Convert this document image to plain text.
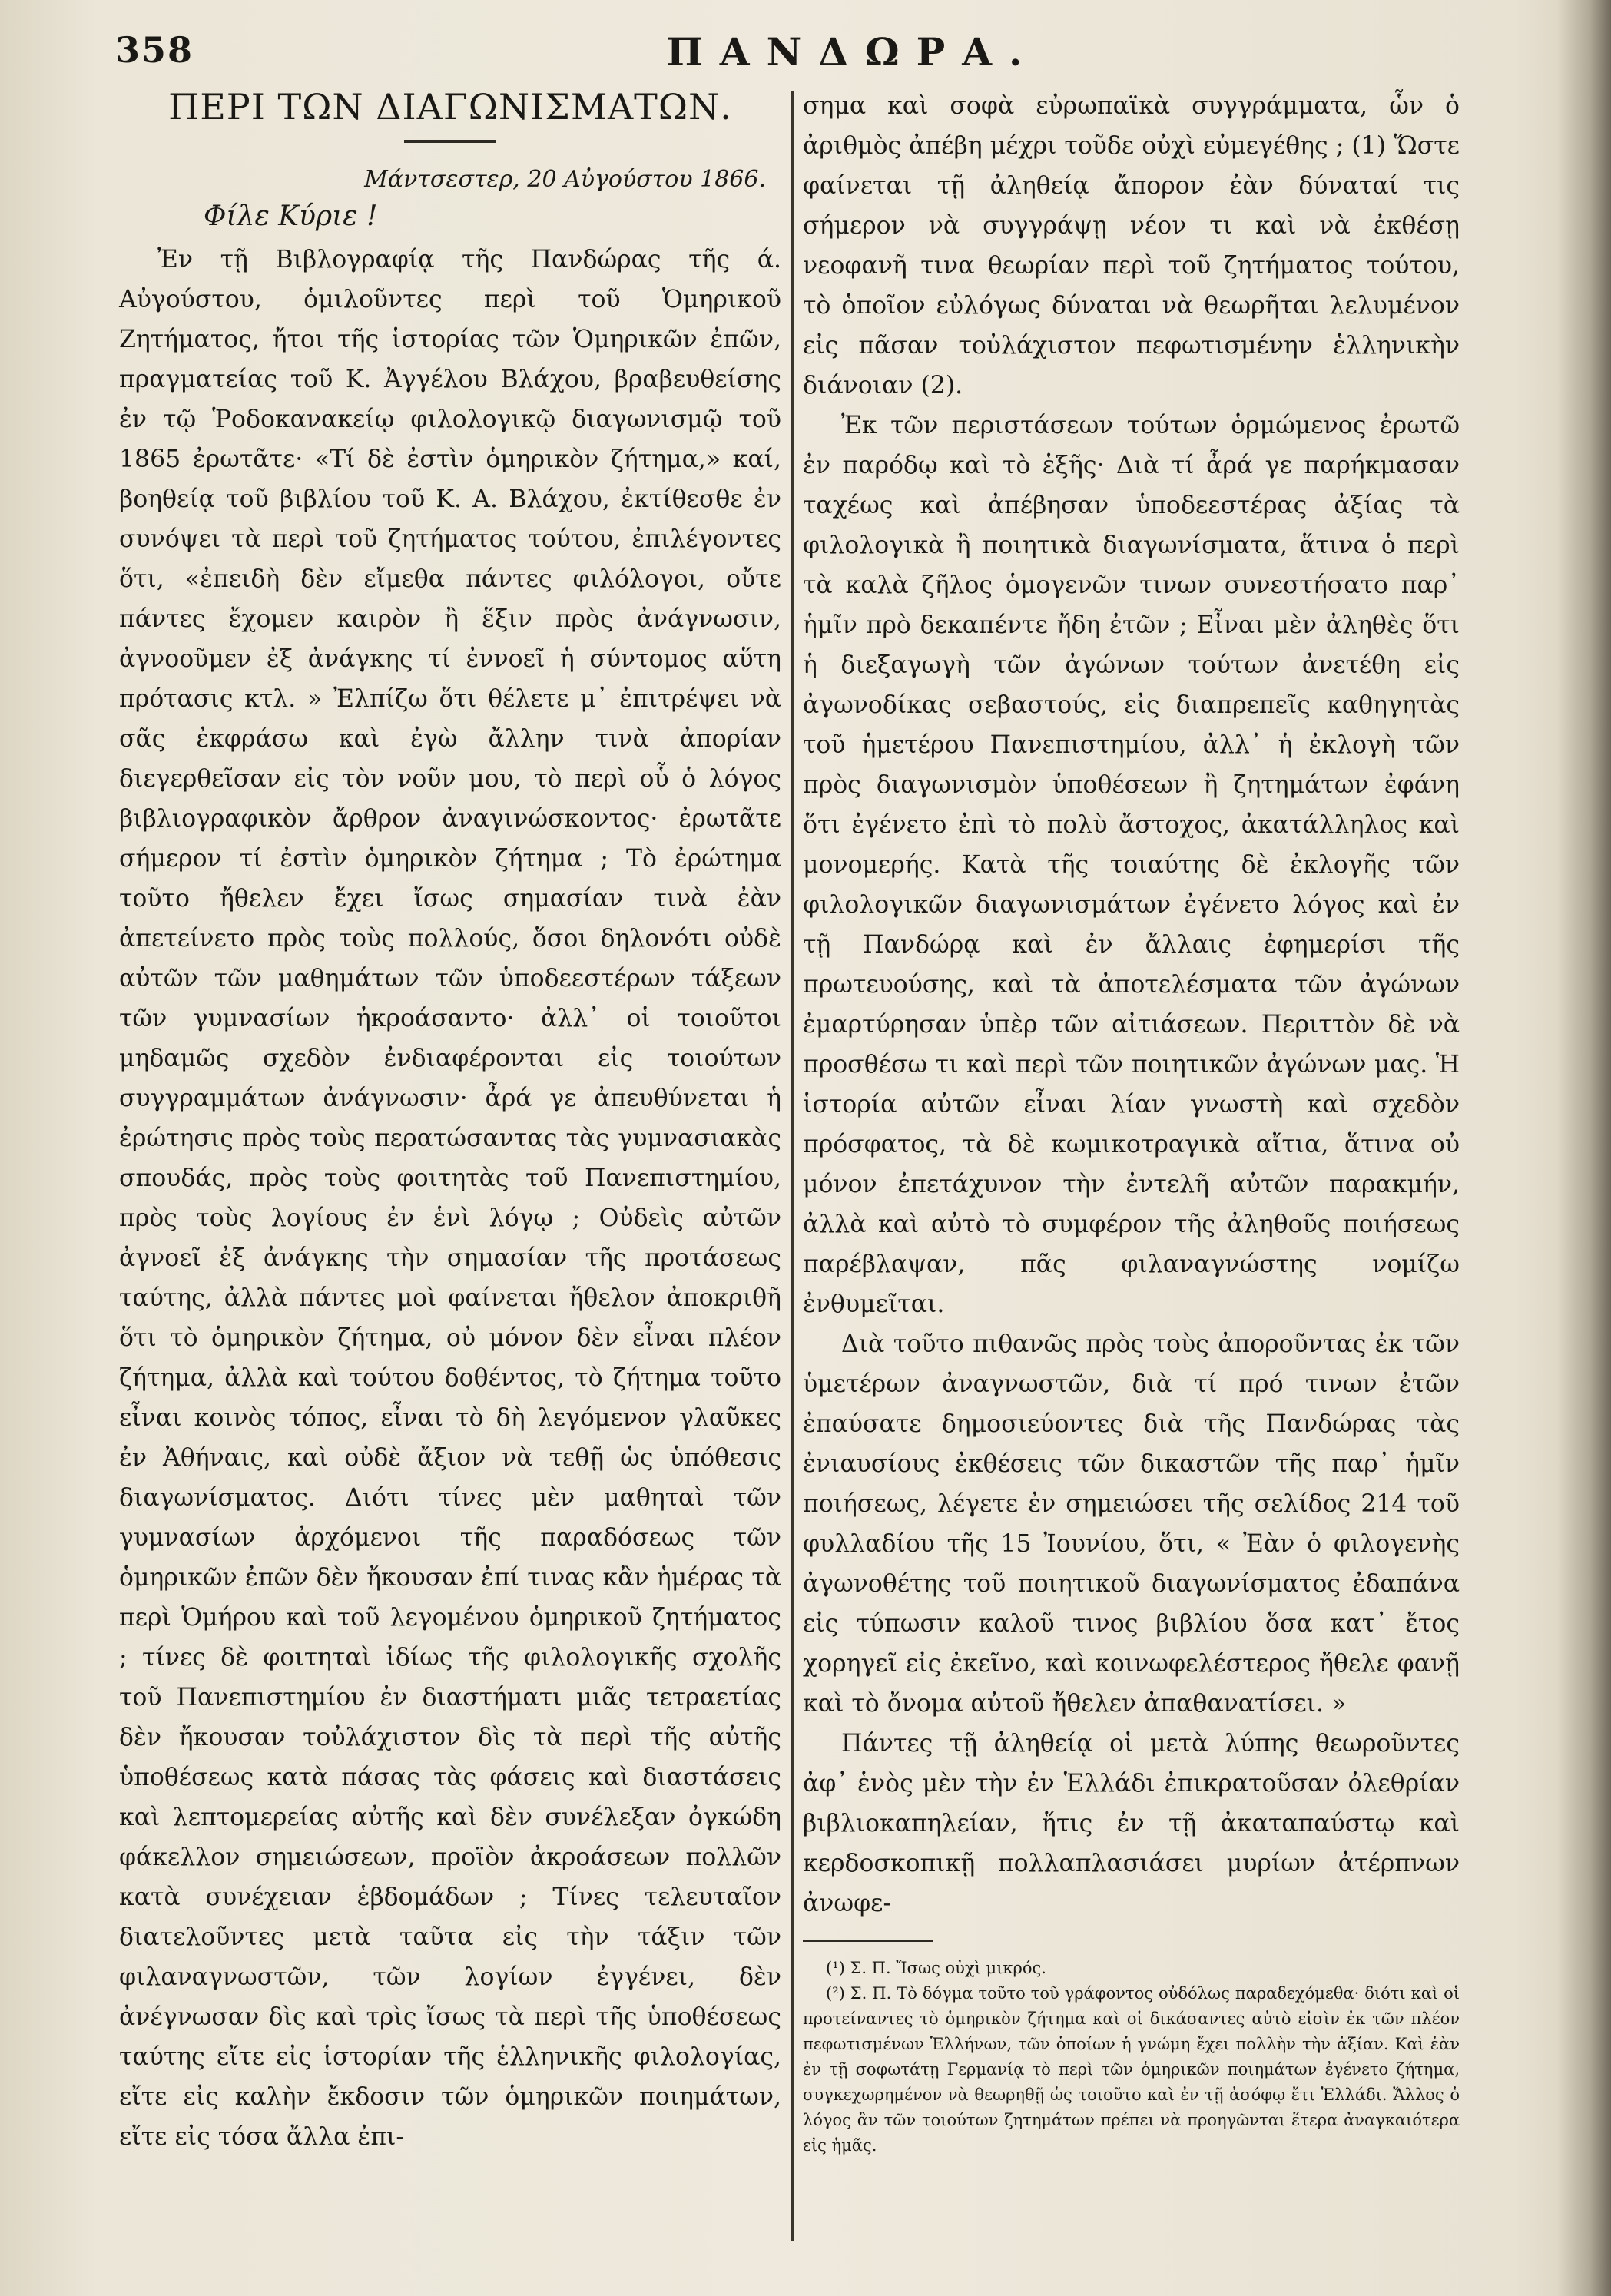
358	ΠΑΝΔΩΡΑ.
ΠΕΡΙ ΤΩΝ ΔΙΑΓΩΝΙΣΜΑΤΩΝ.
Μάντσεστερ, 20 Αὐγούστου 1866.
Φίλε Κύριε !

Ἐν τῇ Βιβλογραφίᾳ τῆς Πανδώρας τῆς ά. Αὐγούστου, ὁμιλοῦντες περὶ τοῦ Ὁμηρικοῦ Ζητήματος, ἤτοι τῆς ἱστορίας τῶν Ὁμηρικῶν ἐπῶν, πραγματείας τοῦ Κ. Ἀγγέλου Βλάχου, βραβευθείσης ἐν τῷ Ῥοδοκανακείῳ φιλολογικῷ διαγωνισμῷ τοῦ 1865 ἐρωτᾶτε· «Τί δὲ ἐστὶν ὁμηρικὸν ζήτημα,» καί, βοηθείᾳ τοῦ βιβλίου τοῦ Κ. Α. Βλάχου, ἐκτίθεσθε ἐν συνόψει τὰ περὶ τοῦ ζητήματος τούτου, ἐπιλέγοντες ὅτι, «ἐπειδὴ δὲν εἴμεθα πάντες φιλόλογοι, οὔτε πάντες ἔχομεν καιρὸν ἢ ἕξιν πρὸς ἀνάγνωσιν, ἀγνοοῦμεν ἐξ ἀνάγκης τί ἐννοεῖ ἡ σύντομος αὕτη πρότασις κτλ. » Ἐλπίζω ὅτι θέλετε μ᾽ ἐπιτρέψει νὰ σᾶς ἐκφράσω καὶ ἐγὼ ἄλλην τινὰ ἀπορίαν διεγερθεῖσαν εἰς τὸν νοῦν μου, τὸ περὶ οὗ ὁ λόγος βιβλιογραφικὸν ἄρθρον ἀναγινώσκοντος· ἐρωτᾶτε σήμερον τί ἐστὶν ὁμηρικὸν ζήτημα ; Τὸ ἐρώτημα τοῦτο ἤθελεν ἔχει ἴσως σημασίαν τινὰ ἐὰν ἀπετείνετο πρὸς τοὺς πολλούς, ὅσοι δηλονότι οὐδὲ αὐτῶν τῶν μαθημάτων τῶν ὑποδεεστέρων τάξεων τῶν γυμνασίων ἠκροάσαντο· ἀλλ᾽ οἱ τοιοῦτοι μηδαμῶς σχεδὸν ἐνδιαφέρονται εἰς τοιούτων συγγραμμάτων ἀνάγνωσιν· ἆρά γε ἀπευθύνεται ἡ ἐρώτησις πρὸς τοὺς περατώσαντας τὰς γυμνασιακὰς σπουδάς, πρὸς τοὺς φοιτητὰς τοῦ Πανεπιστημίου, πρὸς τοὺς λογίους ἐν ἑνὶ λόγῳ ; Οὐδεὶς αὐτῶν ἀγνοεῖ ἐξ ἀνάγκης τὴν σημασίαν τῆς προτάσεως ταύτης, ἀλλὰ πάντες μοὶ φαίνεται ἤθελον ἀποκριθῆ ὅτι τὸ ὁμηρικὸν ζήτημα, οὐ μόνον δὲν εἶναι πλέον ζήτημα, ἀλλὰ καὶ τούτου δοθέντος, τὸ ζήτημα τοῦτο εἶναι κοινὸς τόπος, εἶναι τὸ δὴ λεγόμενον γλαῦκες ἐν Ἀθήναις, καὶ οὐδὲ ἄξιον νὰ τεθῇ ὡς ὑπόθεσις διαγωνίσματος. Διότι τίνες μὲν μαθηταὶ τῶν γυμνασίων ἀρχόμενοι τῆς παραδόσεως τῶν ὁμηρικῶν ἐπῶν δὲν ἤκουσαν ἐπί τινας κἂν ἡμέρας τὰ περὶ Ὁμήρου καὶ τοῦ λεγομένου ὁμηρικοῦ ζητήματος ; τίνες δὲ φοιτηταὶ ἰδίως τῆς φιλολογικῆς σχολῆς τοῦ Πανεπιστημίου ἐν διαστήματι μιᾶς τετραετίας δὲν ἤκουσαν τοὐλάχιστον δὶς τὰ περὶ τῆς αὐτῆς ὑποθέσεως κατὰ πάσας τὰς φάσεις καὶ διαστάσεις καὶ λεπτομερείας αὐτῆς καὶ δὲν συνέλεξαν ὀγκώδη φάκελλον σημειώσεων, προϊὸν ἀκροάσεων πολλῶν κατὰ συνέχειαν ἑβδομάδων ; Τίνες τελευταῖον διατελοῦντες μετὰ ταῦτα εἰς τὴν τάξιν τῶν φιλαναγνωστῶν, τῶν λογίων ἐγγένει, δὲν ἀνέγνωσαν δὶς καὶ τρὶς ἴσως τὰ περὶ τῆς ὑποθέσεως ταύτης εἴτε εἰς ἱστορίαν τῆς ἑλληνικῆς φιλολογίας, εἴτε εἰς καλὴν ἔκδοσιν τῶν ὁμηρικῶν ποιημάτων, εἴτε εἰς τόσα ἄλλα ἐπι-

σημα καὶ σοφὰ εὐρωπαϊκὰ συγγράμματα, ὧν ὁ ἀριθμὸς ἀπέβη μέχρι τοῦδε οὐχὶ εὐμεγέθης ; (1) Ὥστε φαίνεται τῇ ἀληθείᾳ ἄπορον ἐὰν δύναταί τις σήμερον νὰ συγγράψῃ νέον τι καὶ νὰ ἐκθέσῃ νεοφανῆ τινα θεωρίαν περὶ τοῦ ζητήματος τούτου, τὸ ὁποῖον εὐλόγως δύναται νὰ θεωρῆται λελυμένον εἰς πᾶσαν τοὐλάχιστον πεφωτισμένην ἑλληνικὴν διάνοιαν (2).

Ἐκ τῶν περιστάσεων τούτων ὁρμώμενος ἐρωτῶ ἐν παρόδῳ καὶ τὸ ἑξῆς· Διὰ τί ἆρά γε παρήκμασαν ταχέως καὶ ἀπέβησαν ὑποδεεστέρας ἀξίας τὰ φιλολογικὰ ἢ ποιητικὰ διαγωνίσματα, ἅτινα ὁ περὶ τὰ καλὰ ζῆλος ὁμογενῶν τινων συνεστήσατο παρ᾽ ἡμῖν πρὸ δεκαπέντε ἤδη ἐτῶν ; Εἶναι μὲν ἀληθὲς ὅτι ἡ διεξαγωγὴ τῶν ἀγώνων τούτων ἀνετέθη εἰς ἀγωνοδίκας σεβαστούς, εἰς διαπρεπεῖς καθηγητὰς τοῦ ἡμετέρου Πανεπιστημίου, ἀλλ᾽ ἡ ἐκλογὴ τῶν πρὸς διαγωνισμὸν ὑποθέσεων ἢ ζητημάτων ἐφάνη ὅτι ἐγένετο ἐπὶ τὸ πολὺ ἄστοχος, ἀκατάλληλος καὶ μονομερής. Κατὰ τῆς τοιαύτης δὲ ἐκλογῆς τῶν φιλολογικῶν διαγωνισμάτων ἐγένετο λόγος καὶ ἐν τῇ Πανδώρᾳ καὶ ἐν ἄλλαις ἐφημερίσι τῆς πρωτευούσης, καὶ τὰ ἀποτελέσματα τῶν ἀγώνων ἐμαρτύρησαν ὑπὲρ τῶν αἰτιάσεων. Περιττὸν δὲ νὰ προσθέσω τι καὶ περὶ τῶν ποιητικῶν ἀγώνων μας. Ἡ ἱστορία αὐτῶν εἶναι λίαν γνωστὴ καὶ σχεδὸν πρόσφατος, τὰ δὲ κωμικοτραγικὰ αἴτια, ἅτινα οὐ μόνον ἐπετάχυνον τὴν ἐντελῆ αὐτῶν παρακμήν, ἀλλὰ καὶ αὐτὸ τὸ συμφέρον τῆς ἀληθοῦς ποιήσεως παρέβλαψαν, πᾶς φιλαναγνώστης νομίζω ἐνθυμεῖται.

Διὰ τοῦτο πιθανῶς πρὸς τοὺς ἀποροῦντας ἐκ τῶν ὑμετέρων ἀναγνωστῶν, διὰ τί πρό τινων ἐτῶν ἐπαύσατε δημοσιεύοντες διὰ τῆς Πανδώρας τὰς ἐνιαυσίους ἐκθέσεις τῶν δικαστῶν τῆς παρ᾽ ἡμῖν ποιήσεως, λέγετε ἐν σημειώσει τῆς σελίδος 214 τοῦ φυλλαδίου τῆς 15 Ἰουνίου, ὅτι, « Ἐὰν ὁ φιλογενὴς ἀγωνοθέτης τοῦ ποιητικοῦ διαγωνίσματος ἐδαπάνα εἰς τύπωσιν καλοῦ τινος βιβλίου ὅσα κατ᾽ ἔτος χορηγεῖ εἰς ἐκεῖνο, καὶ κοινωφελέστερος ἤθελε φανῇ καὶ τὸ ὄνομα αὐτοῦ ἤθελεν ἀπαθανατίσει. »

Πάντες τῇ ἀληθείᾳ οἱ μετὰ λύπης θεωροῦντες ἀφ᾽ ἑνὸς μὲν τὴν ἐν Ἑλλάδι ἐπικρατοῦσαν ὀλεθρίαν βιβλιοκαπηλείαν, ἥτις ἐν τῇ ἀκαταπαύστῳ καὶ κερδοσκοπικῇ πολλαπλασιάσει μυρίων ἀτέρπνων ἀνωφε-

(¹) Σ. Π. Ἴσως οὐχὶ μικρός.

(²) Σ. Π. Τὸ δόγμα τοῦτο τοῦ γράφοντος οὐδόλως παραδεχόμεθα· διότι καὶ οἱ προτείναντες τὸ ὁμηρικὸν ζήτημα καὶ οἱ δικάσαντες αὐτὸ εἰσὶν ἐκ τῶν πλέον πεφωτισμένων Ἑλλήνων, τῶν ὁποίων ἡ γνώμη ἔχει πολλὴν τὴν ἀξίαν. Καὶ ἐὰν ἐν τῇ σοφωτάτῃ Γερμανίᾳ τὸ περὶ τῶν ὁμηρικῶν ποιημάτων ἐγένετο ζήτημα, συγκεχωρημένον νὰ θεωρηθῇ ὡς τοιοῦτο καὶ ἐν τῇ ἀσόφῳ ἔτι Ἑλλάδι. Ἄλλος ὁ λόγος ἂν τῶν τοιούτων ζητημάτων πρέπει νὰ προηγῶνται ἕτερα ἀναγκαιότερα εἰς ἡμᾶς.
